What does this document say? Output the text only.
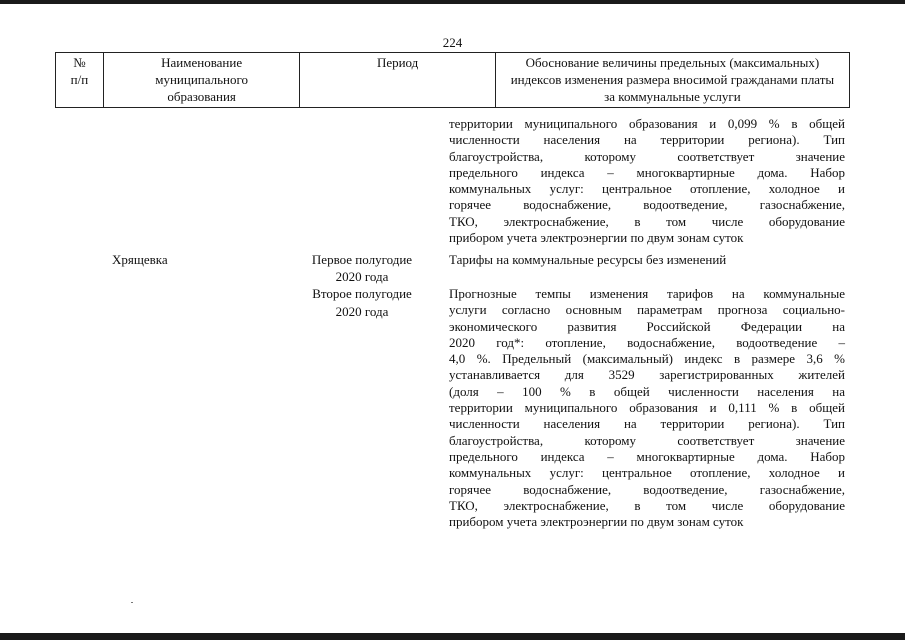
224
№
п/п
Наименование
муниципального
образования
Период	Обоснование величины предельных (максимальных)
индексов изменения размера вносимой гражданами платы
за коммунальные услуги
территории муниципального образования и 0,099 % в общей
численности населения на территории региона). Тип
благоустройства, которому соответствует значение
предельного индекса – многоквартирные дома. Набор
коммунальных услуг: центральное отопление, холодное и
горячее водоснабжение, водоотведение, газоснабжение,
ТКО, электроснабжение, в том числе оборудование
прибором учета электроэнергии по двум зонам суток
Хрящевка	Первое полугодие
2020 года
Тарифы на коммунальные ресурсы без изменений
Второе полугодие
2020 года
Прогнозные темпы изменения тарифов на коммунальные
услуги согласно основным параметрам прогноза социально-
экономического развития Российской Федерации на
2020 год*: отопление, водоснабжение, водоотведение –
4,0 %. Предельный (максимальный) индекс в размере 3,6 %
устанавливается для 3529 зарегистрированных жителей
(доля – 100 % в общей численности населения на
территории муниципального образования и 0,111 % в общей
численности населения на территории региона). Тип
благоустройства, которому соответствует значение
предельного индекса – многоквартирные дома. Набор
коммунальных услуг: центральное отопление, холодное и
горячее водоснабжение, водоотведение, газоснабжение,
ТКО, электроснабжение, в том числе оборудование
прибором учета электроэнергии по двум зонам суток
